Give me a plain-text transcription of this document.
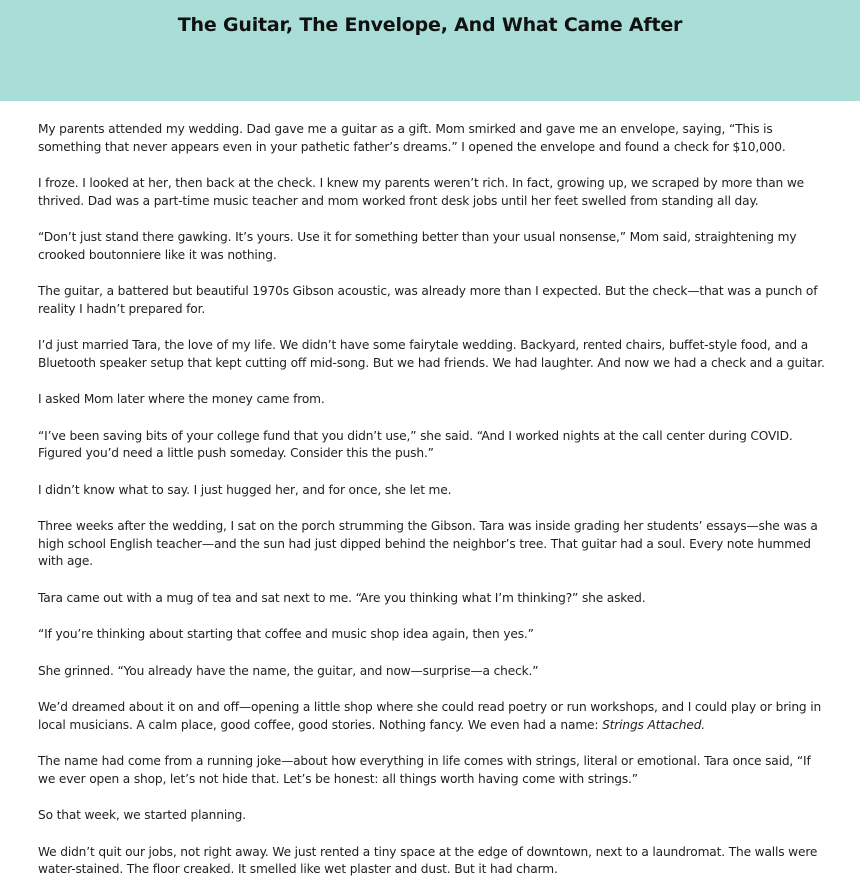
The Guitar, The Envelope, And What Came After

My parents attended my wedding. Dad gave me a guitar as a gift. Mom smirked and gave me an envelope, saying, “This is something that never appears even in your pathetic father’s dreams.” I opened the envelope and found a check for $10,000.

I froze. I looked at her, then back at the check. I knew my parents weren’t rich. In fact, growing up, we scraped by more than we thrived. Dad was a part-time music teacher and mom worked front desk jobs until her feet swelled from standing all day.

“Don’t just stand there gawking. It’s yours. Use it for something better than your usual nonsense,” Mom said, straightening my crooked boutonniere like it was nothing.

The guitar, a battered but beautiful 1970s Gibson acoustic, was already more than I expected. But the check—that was a punch of reality I hadn’t prepared for.

I’d just married Tara, the love of my life. We didn’t have some fairytale wedding. Backyard, rented chairs, buffet-style food, and a Bluetooth speaker setup that kept cutting off mid-song. But we had friends. We had laughter. And now we had a check and a guitar.

I asked Mom later where the money came from.

“I’ve been saving bits of your college fund that you didn’t use,” she said. “And I worked nights at the call center during COVID. Figured you’d need a little push someday. Consider this the push.”

I didn’t know what to say. I just hugged her, and for once, she let me.

Three weeks after the wedding, I sat on the porch strumming the Gibson. Tara was inside grading her students’ essays—she was a high school English teacher—and the sun had just dipped behind the neighbor’s tree. That guitar had a soul. Every note hummed with age.

Tara came out with a mug of tea and sat next to me. “Are you thinking what I’m thinking?” she asked.

“If you’re thinking about starting that coffee and music shop idea again, then yes.”

She grinned. “You already have the name, the guitar, and now—surprise—a check.”

We’d dreamed about it on and off—opening a little shop where she could read poetry or run workshops, and I could play or bring in local musicians. A calm place, good coffee, good stories. Nothing fancy. We even had a name: Strings Attached.

The name had come from a running joke—about how everything in life comes with strings, literal or emotional. Tara once said, “If we ever open a shop, let’s not hide that. Let’s be honest: all things worth having come with strings.”

So that week, we started planning.

We didn’t quit our jobs, not right away. We just rented a tiny space at the edge of downtown, next to a laundromat. The walls were water-stained. The floor creaked. It smelled like wet plaster and dust. But it had charm.
